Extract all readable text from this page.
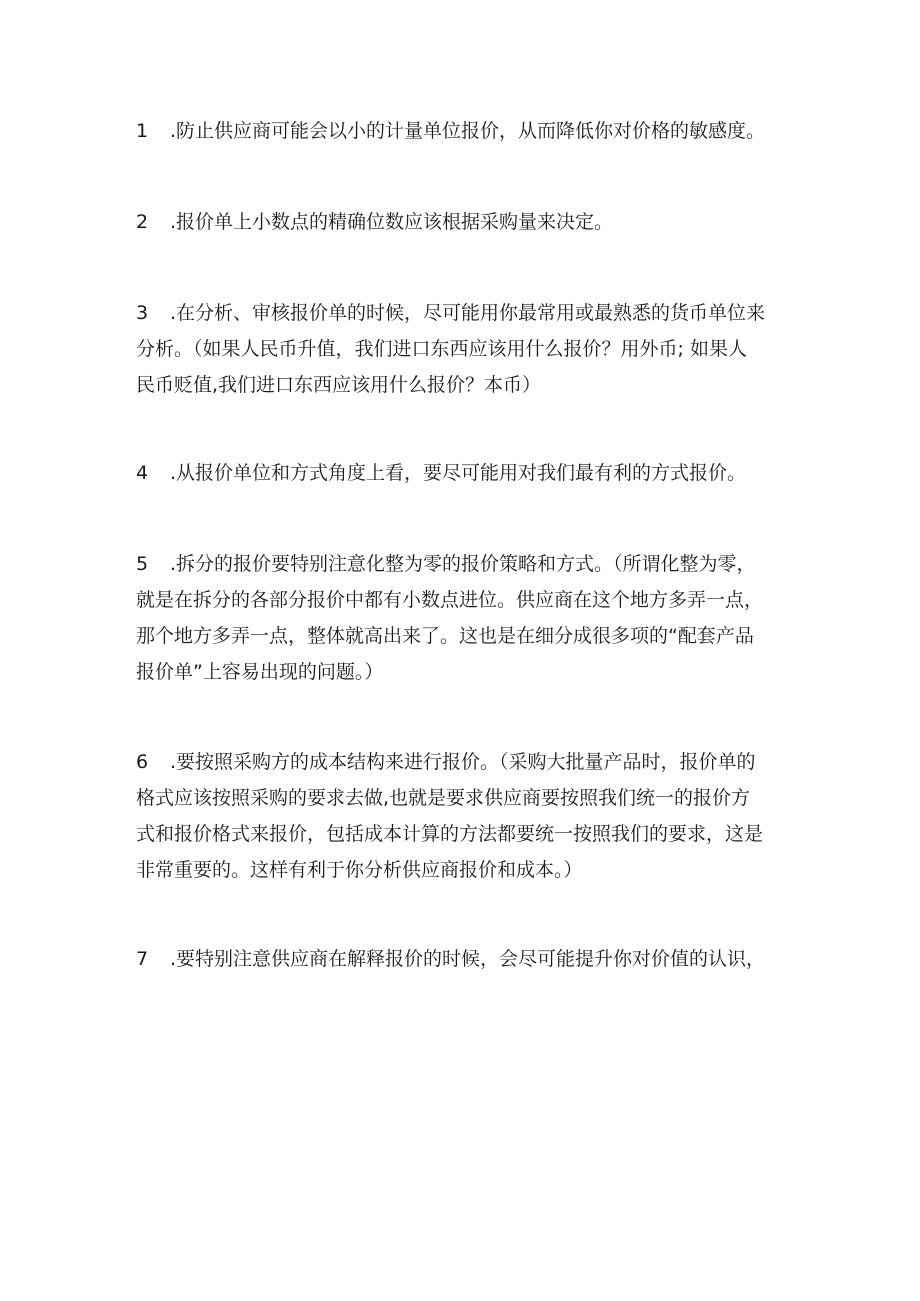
1 .防止供应商可能会以小的计量单位报价，从而降低你对价格的敏感度。

2 .报价单上小数点的精确位数应该根据采购量来决定。

3 .在分析、审核报价单的时候，尽可能用你最常用或最熟悉的货币单位来
分析。（如果人民币升值，我们进口东西应该用什么报价？用外币; 如果人
民币贬值,我们进口东西应该用什么报价？本币）

4 .从报价单位和方式角度上看，要尽可能用对我们最有利的方式报价。

5 .拆分的报价要特别注意化整为零的报价策略和方式。（所谓化整为零，
就是在拆分的各部分报价中都有小数点进位。供应商在这个地方多弄一点，
那个地方多弄一点，整体就高出来了。这也是在细分成很多项的“配套产品
报价单”上容易出现的问题。）

6 .要按照采购方的成本结构来进行报价。（采购大批量产品时，报价单的
格式应该按照采购的要求去做,也就是要求供应商要按照我们统一的报价方
式和报价格式来报价，包括成本计算的方法都要统一按照我们的要求，这是
非常重要的。这样有利于你分析供应商报价和成本。）

7 .要特别注意供应商在解释报价的时候，会尽可能提升你对价值的认识，
